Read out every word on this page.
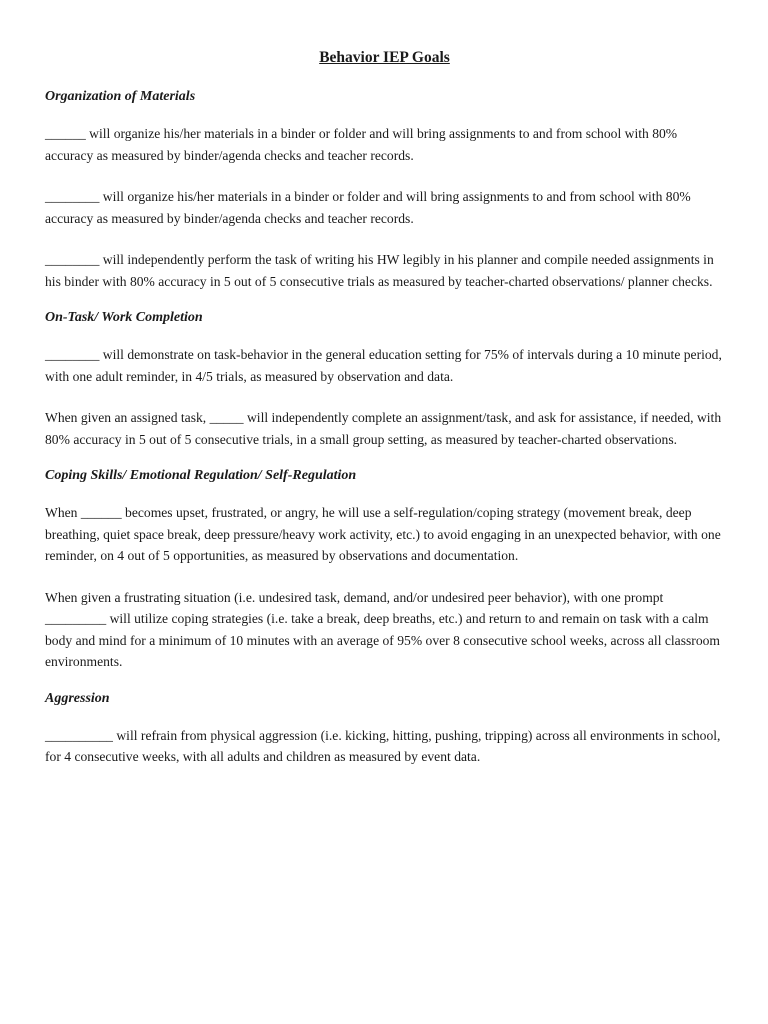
Behavior IEP Goals
Organization of Materials

______ will organize his/her materials in a binder or folder and will bring assignments to and from school with 80% accuracy as measured by binder/agenda checks and teacher records.

________ will organize his/her materials in a binder or folder and will bring assignments to and from school with 80% accuracy as measured by binder/agenda checks and teacher records.

________ will independently perform the task of writing his HW legibly in his planner and compile needed assignments in his binder with 80% accuracy in 5 out of 5 consecutive trials as measured by teacher-charted observations/ planner checks.

On-Task/ Work Completion

________ will demonstrate on task-behavior in the general education setting for 75% of intervals during a 10 minute period, with one adult reminder, in 4/5 trials, as measured by observation and data.

When given an assigned task, _____ will independently complete an assignment/task, and ask for assistance, if needed, with 80% accuracy in 5 out of 5 consecutive trials, in a small group setting, as measured by teacher-charted observations.

Coping Skills/ Emotional Regulation/ Self-Regulation

When ______ becomes upset, frustrated, or angry, he will use a self-regulation/coping strategy (movement break, deep breathing, quiet space break, deep pressure/heavy work activity, etc.) to avoid engaging in an unexpected behavior, with one reminder, on 4 out of 5 opportunities, as measured by observations and documentation.

When given a frustrating situation (i.e. undesired task, demand, and/or undesired peer behavior), with one prompt _________ will utilize coping strategies (i.e. take a break, deep breaths, etc.) and return to and remain on task with a calm body and mind for a minimum of 10 minutes with an average of 95% over 8 consecutive school weeks, across all classroom environments.

Aggression

__________ will refrain from physical aggression (i.e. kicking, hitting, pushing, tripping) across all environments in school, for 4 consecutive weeks, with all adults and children as measured by event data.
